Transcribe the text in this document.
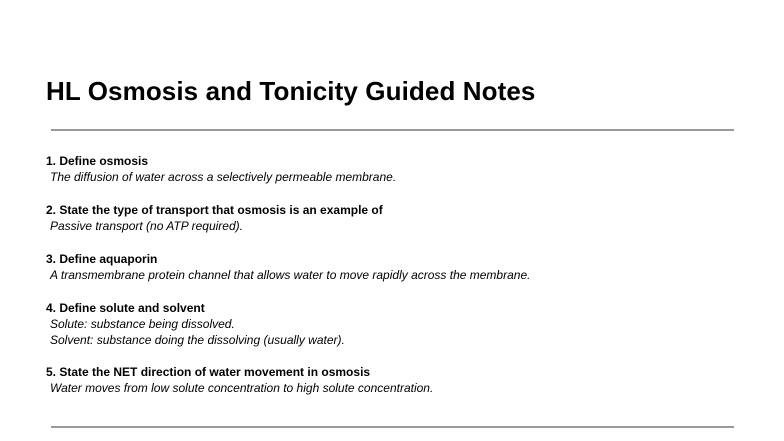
HL Osmosis and Tonicity Guided Notes
1. Define osmosis
The diffusion of water across a selectively permeable membrane.
2. State the type of transport that osmosis is an example of
Passive transport (no ATP required).
3. Define aquaporin
A transmembrane protein channel that allows water to move rapidly across the membrane.
4. Define solute and solvent
Solute: substance being dissolved.
Solvent: substance doing the dissolving (usually water).
5. State the NET direction of water movement in osmosis
Water moves from low solute concentration to high solute concentration.
